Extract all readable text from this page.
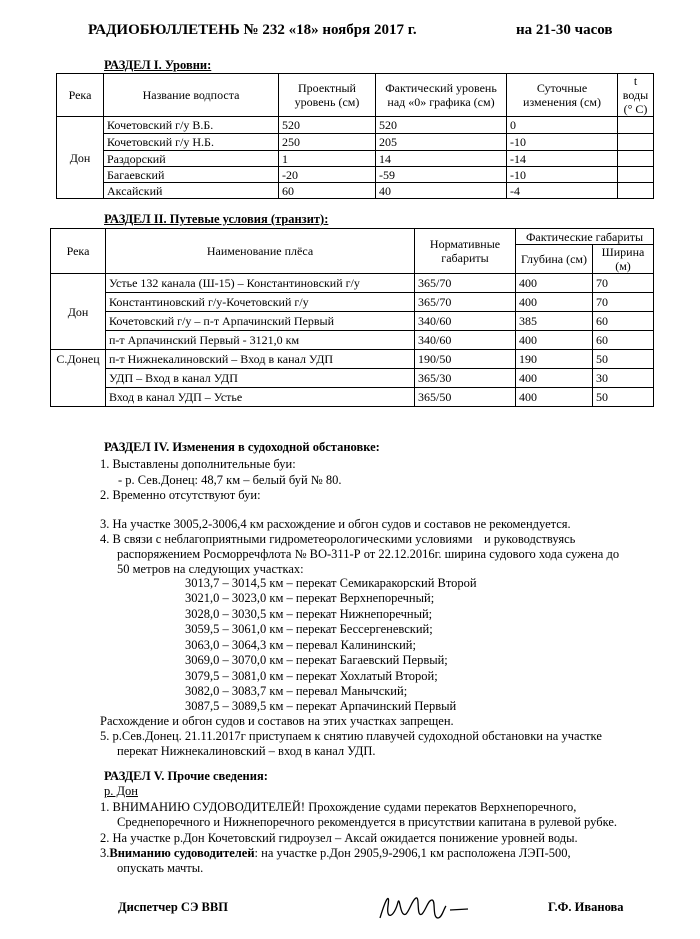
РАДИОБЮЛЛЕТЕНЬ № 232 «18» ноября 2017 г.	на 21-30 часов
РАЗДЕЛ I. Уровни:
Река	Название водпоста	Проектный уровень (см)	Фактический уровень над «0» графика (см)	Суточные изменения (см)	t воды (° C)
Дон	Кочетовский г/у В.Б.	520	520	0	
	Кочетовский г/у Н.Б.	250	205	-10	
	Раздорский	1	14	-14	
	Багаевский	-20	-59	-10	
	Аксайский	60	40	-4	
РАЗДЕЛ II. Путевые условия (транзит):
Река	Наименование плёса	Нормативные габариты	Фактические габариты	
			Глубина (см)	Ширина (м)
Дон	Устье 132 канала (Ш-15) – Константиновский г/у	365/70	400	70
	Константиновский г/у-Кочетовский г/у	365/70	400	70
	Кочетовский г/у – п-т Арпачинский Первый	340/60	385	60
	п-т Арпачинский Первый - 3121,0 км	340/60	400	60
С.Донец	п-т Нижнекалиновский – Вход в канал УДП	190/50	190	50
	УДП – Вход в канал УДП	365/30	400	30
	Вход в канал УДП – Устье	365/50	400	50
РАЗДЕЛ IV. Изменения в судоходной обстановке:
1. Выставлены дополнительные буи:
- р. Сев.Донец: 48,7 км – белый буй № 80.
2. Временно отсутствуют буи:
3. На участке 3005,2-3006,4 км расхождение и обгон судов и составов не рекомендуется.
4. В связи с неблагоприятными гидрометеорологическими условиями и руководствуясь
распоряжением Росморречфлота № ВО-311-Р от 22.12.2016г. ширина судового хода сужена до
50 метров на следующих участках:
3013,7 – 3014,5 км – перекат Семикаракорский Второй
3021,0 – 3023,0 км – перекат Верхнепоречный;
3028,0 – 3030,5 км – перекат Нижнепоречный;
3059,5 – 3061,0 км – перекат Бессергеневский;
3063,0 – 3064,3 км – перевал Калининский;
3069,0 – 3070,0 км – перекат Багаевский Первый;
3079,5 – 3081,0 км – перекат Хохлатый Второй;
3082,0 – 3083,7 км – перевал Манычский;
3087,5 – 3089,5 км – перекат Арпачинский Первый
Расхождение и обгон судов и составов на этих участках запрещен.
5. р.Сев.Донец. 21.11.2017г приступаем к снятию плавучей судоходной обстановки на участке
перекат Нижнекалиновский – вход в канал УДП.
РАЗДЕЛ V. Прочие сведения:
р. Дон
1. ВНИМАНИЮ СУДОВОДИТЕЛЕЙ! Прохождение судами перекатов Верхнепоречного,
Среднепоречного и Нижнепоречного рекомендуется в присутствии капитана в рулевой рубке.
2. На участке р.Дон Кочетовский гидроузел – Аксай ожидается понижение уровней воды.
3.Вниманию судоводителей: на участке р.Дон 2905,9-2906,1 км расположена ЛЭП-500,
опускать мачты.
Диспетчер СЭ ВВП	Г.Ф. Иванова
